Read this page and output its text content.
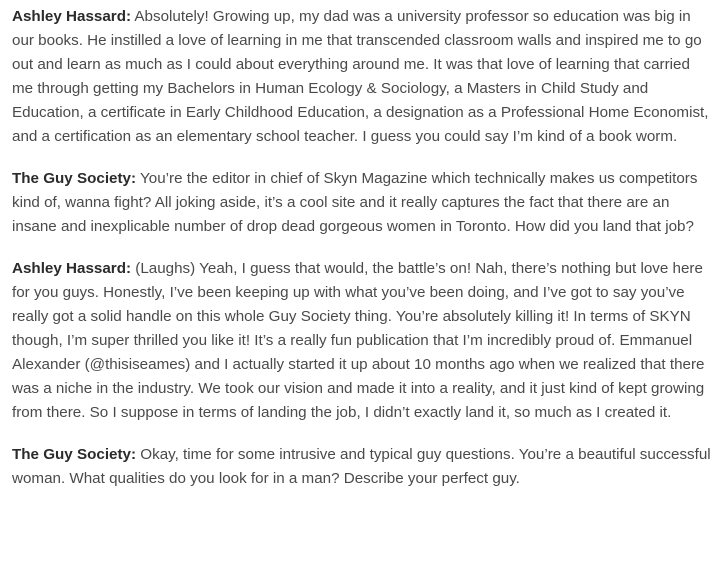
Ashley Hassard: Absolutely! Growing up, my dad was a university professor so education was big in our books. He instilled a love of learning in me that transcended classroom walls and inspired me to go out and learn as much as I could about everything around me. It was that love of learning that carried me through getting my Bachelors in Human Ecology & Sociology, a Masters in Child Study and Education, a certificate in Early Childhood Education, a designation as a Professional Home Economist, and a certification as an elementary school teacher. I guess you could say I’m kind of a book worm.

The Guy Society: You’re the editor in chief of Skyn Magazine which technically makes us competitors kind of, wanna fight? All joking aside, it’s a cool site and it really captures the fact that there are an insane and inexplicable number of drop dead gorgeous women in Toronto. How did you land that job?

Ashley Hassard: (Laughs) Yeah, I guess that would, the battle’s on! Nah, there’s nothing but love here for you guys. Honestly, I’ve been keeping up with what you’ve been doing, and I’ve got to say you’ve really got a solid handle on this whole Guy Society thing. You’re absolutely killing it! In terms of SKYN though, I’m super thrilled you like it! It’s a really fun publication that I’m incredibly proud of. Emmanuel Alexander (@thisiseames) and I actually started it up about 10 months ago when we realized that there was a niche in the industry. We took our vision and made it into a reality, and it just kind of kept growing from there. So I suppose in terms of landing the job, I didn’t exactly land it, so much as I created it.

The Guy Society: Okay, time for some intrusive and typical guy questions. You’re a beautiful successful woman. What qualities do you look for in a man? Describe your perfect guy.
